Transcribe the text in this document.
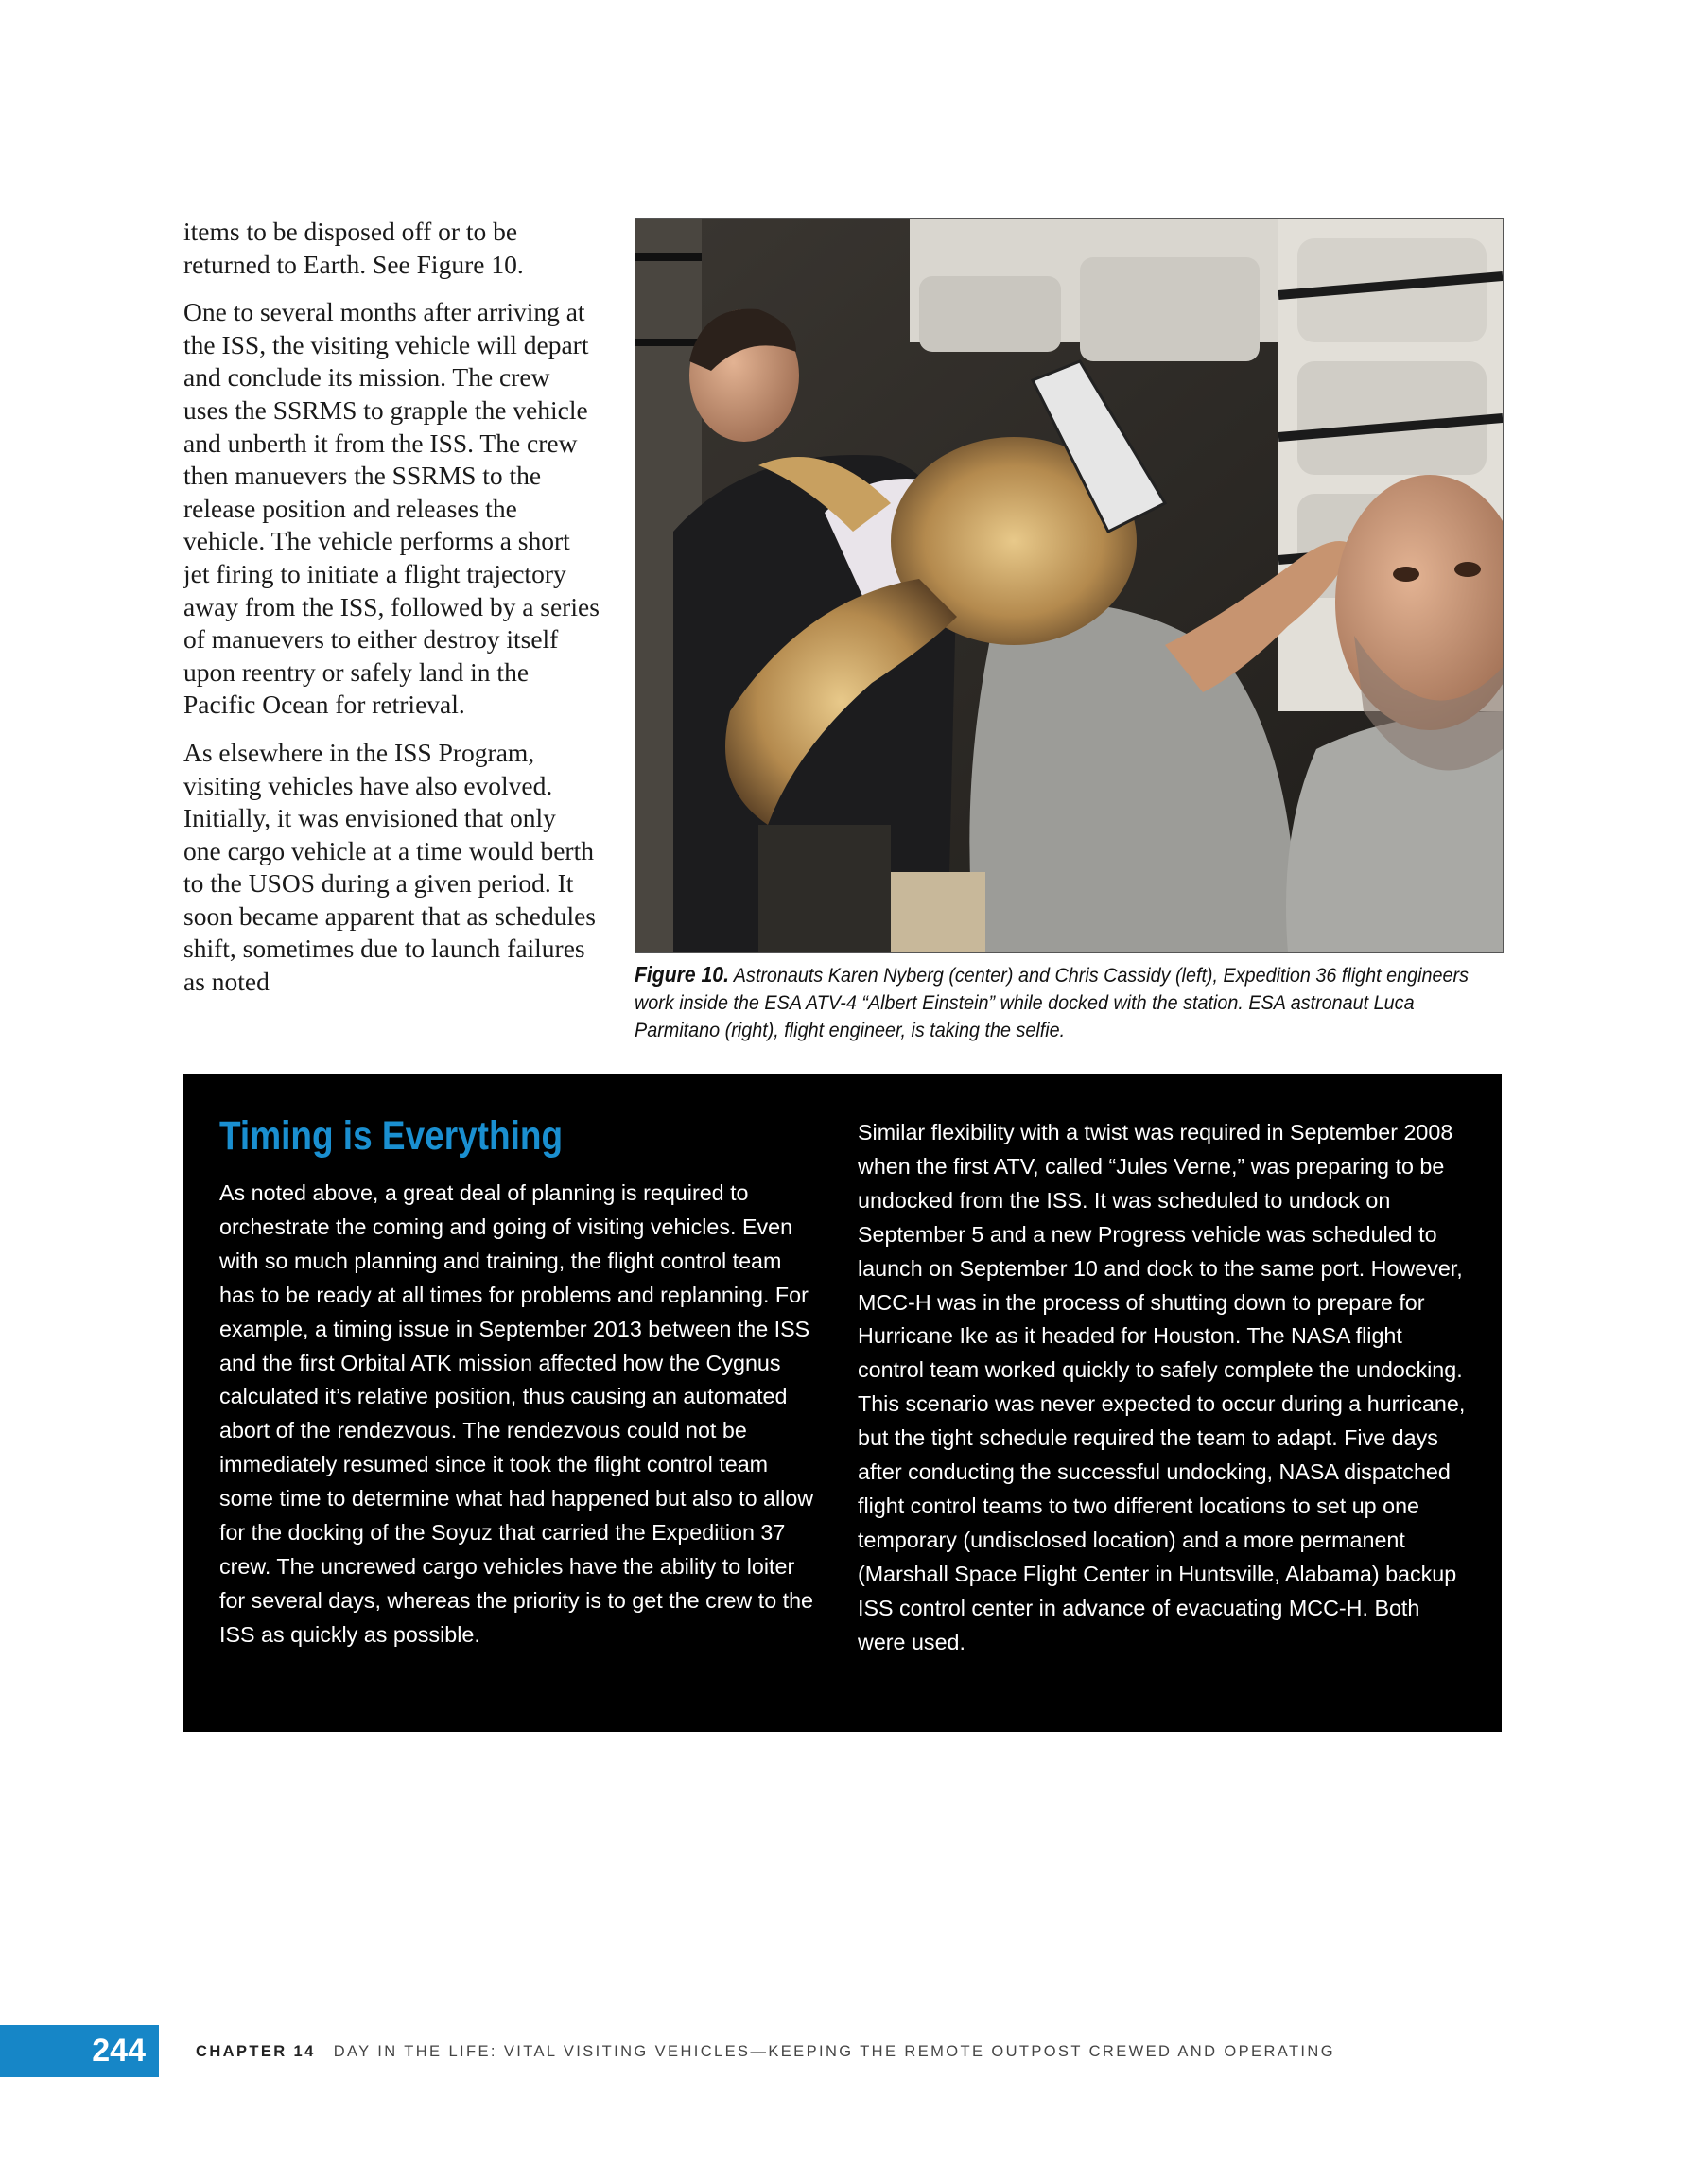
items to be disposed off or to be returned to Earth. See Figure 10.

One to several months after arriving at the ISS, the visiting vehicle will depart and conclude its mission. The crew uses the SSRMS to grapple the vehicle and unberth it from the ISS. The crew then manuevers the SSRMS to the release position and releases the vehicle. The vehicle performs a short jet firing to initiate a flight trajectory away from the ISS, followed by a series of manuevers to either destroy itself upon reentry or safely land in the Pacific Ocean for retrieval.

As elsewhere in the ISS Program, visiting vehicles have also evolved. Initially, it was envisioned that only one cargo vehicle at a time would berth to the USOS during a given period. It soon became apparent that as schedules shift, sometimes due to launch failures as noted	Figure 10. Astronauts Karen Nyberg (center) and Chris Cassidy (left), Expedition 36 flight engineers work inside the ESA ATV-4 “Albert Einstein” while docked with the station. ESA astronaut Luca Parmitano (right), flight engineer, is taking the selfie.
Timing is Everything

As noted above, a great deal of planning is required to orchestrate the coming and going of visiting vehicles. Even with so much planning and training, the flight control team has to be ready at all times for problems and replanning. For example, a timing issue in September 2013 between the ISS and the first Orbital ATK mission affected how the Cygnus calculated it’s relative position, thus causing an automated abort of the rendezvous. The rendezvous could not be immediately resumed since it took the flight control team some time to determine what had happened but also to allow for the docking of the Soyuz that carried the Expedition 37 crew. The uncrewed cargo vehicles have the ability to loiter for several days, whereas the priority is to get the crew to the ISS as quickly as possible.

Similar flexibility with a twist was required in September 2008 when the first ATV, called “Jules Verne,” was preparing to be undocked from the ISS. It was scheduled to undock on September 5 and a new Progress vehicle was scheduled to launch on September 10 and dock to the same port. However, MCC-H was in the process of shutting down to prepare for Hurricane Ike as it headed for Houston. The NASA flight control team worked quickly to safely complete the undocking. This scenario was never expected to occur during a hurricane, but the tight schedule required the team to adapt. Five days after conducting the successful undocking, NASA dispatched flight control teams to two different locations to set up one temporary (undisclosed location) and a more permanent (Marshall Space Flight Center in Huntsville, Alabama) backup ISS control center in advance of evacuating MCC-H. Both were used.

244	CHAPTER 14 DAY IN THE LIFE: VITAL VISITING VEHICLES—KEEPING THE REMOTE OUTPOST CREWED AND OPERATING
